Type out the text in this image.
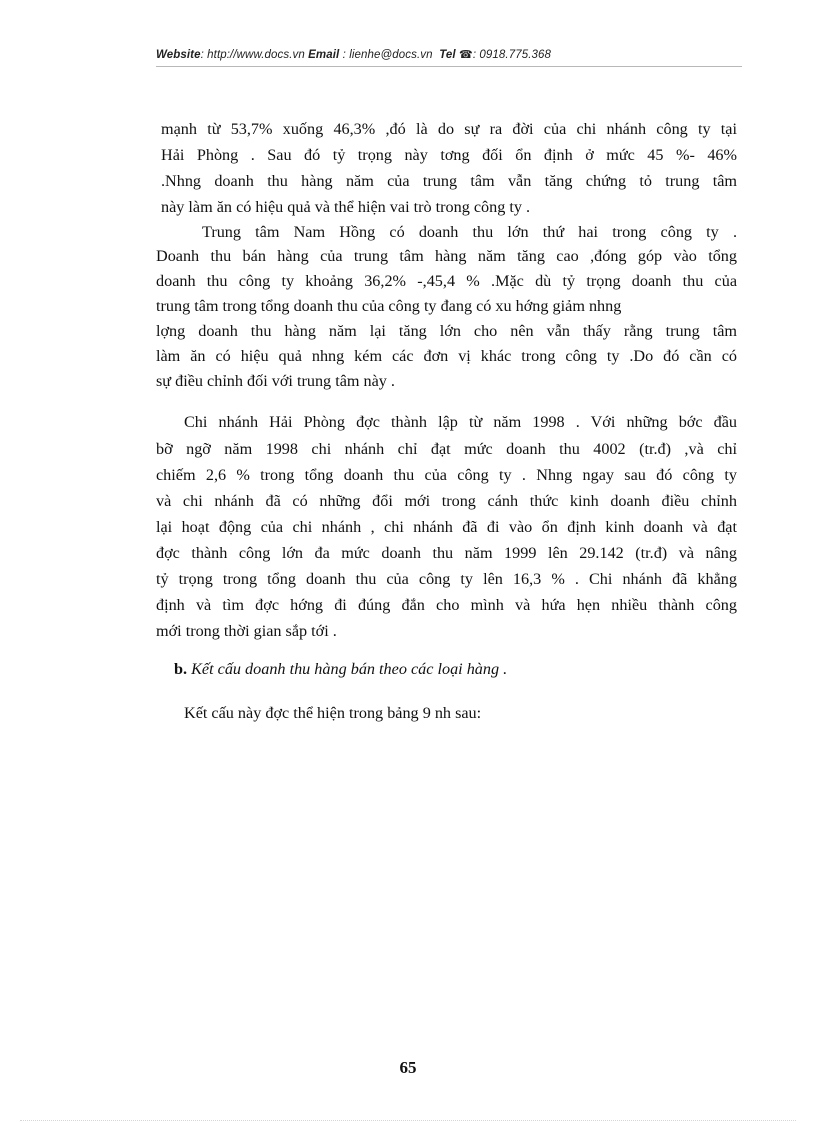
Website: http://www.docs.vn Email : lienhe@docs.vn Tel ☎: 0918.775.368
mạnh từ 53,7% xuống 46,3% ,đó là do sự ra đời của chi nhánh công ty tại
Hải Phòng . Sau đó tỷ trọng này tơng đối ổn định ở mức 45 %- 46%
.Nhng doanh thu hàng năm của trung tâm vẫn tăng chứng tỏ trung tâm
này làm ăn có hiệu quả và thể hiện vai trò trong công ty .
Trung tâm Nam Hồng có doanh thu lớn thứ hai trong công ty .
Doanh thu bán hàng của trung tâm hàng năm tăng cao ,đóng góp vào tổng
doanh thu công ty khoảng 36,2% -,45,4 % .Mặc dù tỷ trọng doanh thu của
trung tâm trong tổng doanh thu của công ty đang có xu hớng giảm nhng
lợng doanh thu hàng năm lại tăng lớn cho nên vẫn thấy rằng trung tâm
làm ăn có hiệu quả nhng kém các đơn vị khác trong công ty .Do đó cần có
sự điều chỉnh đối với trung tâm này .
Chi nhánh Hải Phòng đợc thành lập từ năm 1998 . Với những bớc đầu
bỡ ngỡ năm 1998 chi nhánh chỉ đạt mức doanh thu 4002 (tr.đ) ,và chỉ
chiếm 2,6 % trong tổng doanh thu của công ty . Nhng ngay sau đó công ty
và chi nhánh đã có những đổi mới trong cánh thức kinh doanh điều chỉnh
lại hoạt động của chi nhánh , chi nhánh đã đi vào ổn định kinh doanh và đạt
đợc thành công lớn đa mức doanh thu năm 1999 lên 29.142 (tr.đ) và nâng
tỷ trọng trong tổng doanh thu của công ty lên 16,3 % . Chi nhánh đã khẳng
định và tìm đợc hớng đi đúng đắn cho mình và hứa hẹn nhiều thành công
mới trong thời gian sắp tới .
b. Kết cấu doanh thu hàng bán theo các loại hàng .
Kết cấu này đợc thể hiện trong bảng 9 nh sau:
65
